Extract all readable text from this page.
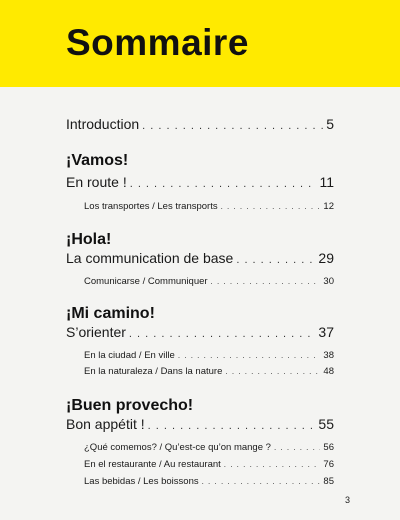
Sommaire
Introduction . . .	5
¡Vamos!
En route ! . . .	11
Los transportes / Les transports . . .	12
¡Hola!
La communication de base . . .	29
Comunicarse / Communiquer . . .	30
¡Mi camino!
S’orienter . . .	37
En la ciudad / En ville . . .	38
En la naturaleza / Dans la nature . . .	48
¡Buen provecho!
Bon appétit ! . . .	55
¿Qué comemos? / Qu’est-ce qu’on mange ? . . .	56
En el restaurante / Au restaurant . . .	76
Las bebidas / Les boissons . . .	85
3
